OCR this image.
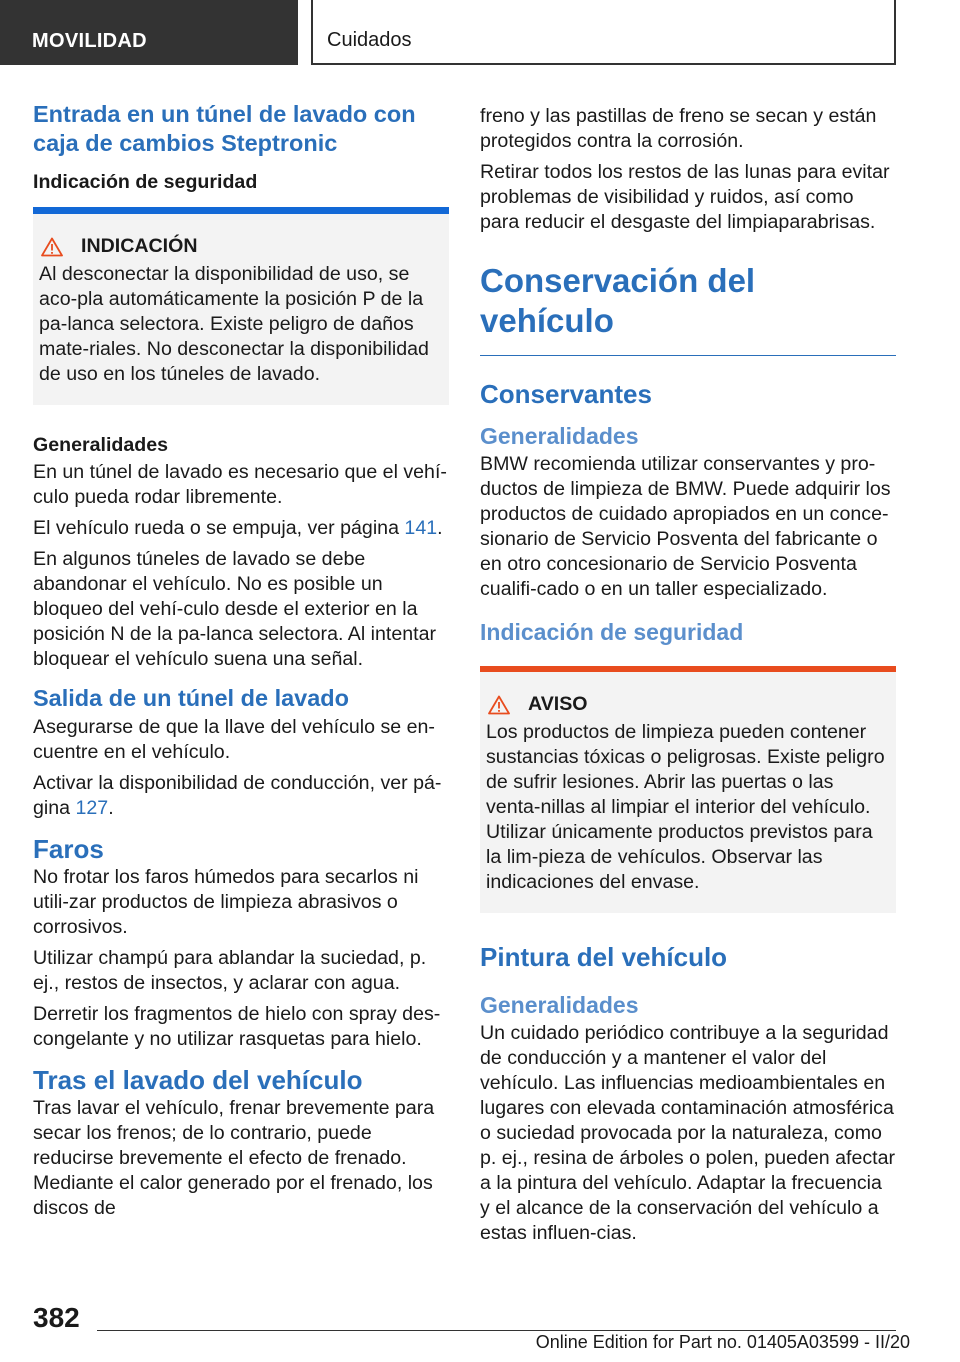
MOVILIDAD	Cuidados
Entrada en un túnel de lavado con caja de cambios Steptronic
Indicación de seguridad
INDICACIÓN

Al desconectar la disponibilidad de uso, se aco-pla automáticamente la posición P de la pa-lanca selectora. Existe peligro de daños mate-riales. No desconectar la disponibilidad de uso en los túneles de lavado.

Generalidades

En un túnel de lavado es necesario que el vehí-culo pueda rodar libremente.

El vehículo rueda o se empuja, ver página 141.

En algunos túneles de lavado se debe abandonar el vehículo. No es posible un bloqueo del vehí-culo desde el exterior en la posición N de la pa-lanca selectora. Al intentar bloquear el vehículo suena una señal.

Salida de un túnel de lavado

Asegurarse de que la llave del vehículo se en-cuentre en el vehículo.

Activar la disponibilidad de conducción, ver pá-gina 127.

Faros

No frotar los faros húmedos para secarlos ni utili-zar productos de limpieza abrasivos o corrosivos.

Utilizar champú para ablandar la suciedad, p. ej., restos de insectos, y aclarar con agua.

Derretir los fragmentos de hielo con spray des-congelante y no utilizar rasquetas para hielo.

Tras el lavado del vehículo

Tras lavar el vehículo, frenar brevemente para secar los frenos; de lo contrario, puede reducirse brevemente el efecto de frenado. Mediante el calor generado por el frenado, los discos de

freno y las pastillas de freno se secan y están protegidos contra la corrosión.

Retirar todos los restos de las lunas para evitar problemas de visibilidad y ruidos, así como para reducir el desgaste del limpiaparabrisas.

Conservación del vehículo
Conservantes
Generalidades

BMW recomienda utilizar conservantes y pro-ductos de limpieza de BMW. Puede adquirir los productos de cuidado apropiados en un conce-sionario de Servicio Posventa del fabricante o en otro concesionario de Servicio Posventa cualifi-cado o en un taller especializado.

Indicación de seguridad
AVISO

Los productos de limpieza pueden contener sustancias tóxicas o peligrosas. Existe peligro de sufrir lesiones. Abrir las puertas o las venta-nillas al limpiar el interior del vehículo. Utilizar únicamente productos previstos para la lim-pieza de vehículos. Observar las indicaciones del envase.

Pintura del vehículo
Generalidades

Un cuidado periódico contribuye a la seguridad de conducción y a mantener el valor del vehículo. Las influencias medioambientales en lugares con elevada contaminación atmosférica o suciedad provocada por la naturaleza, como p. ej., resina de árboles o polen, pueden afectar a la pintura del vehículo. Adaptar la frecuencia y el alcance de la conservación del vehículo a estas influen-cias.

382
Online Edition for Part no. 01405A03599 - II/20
